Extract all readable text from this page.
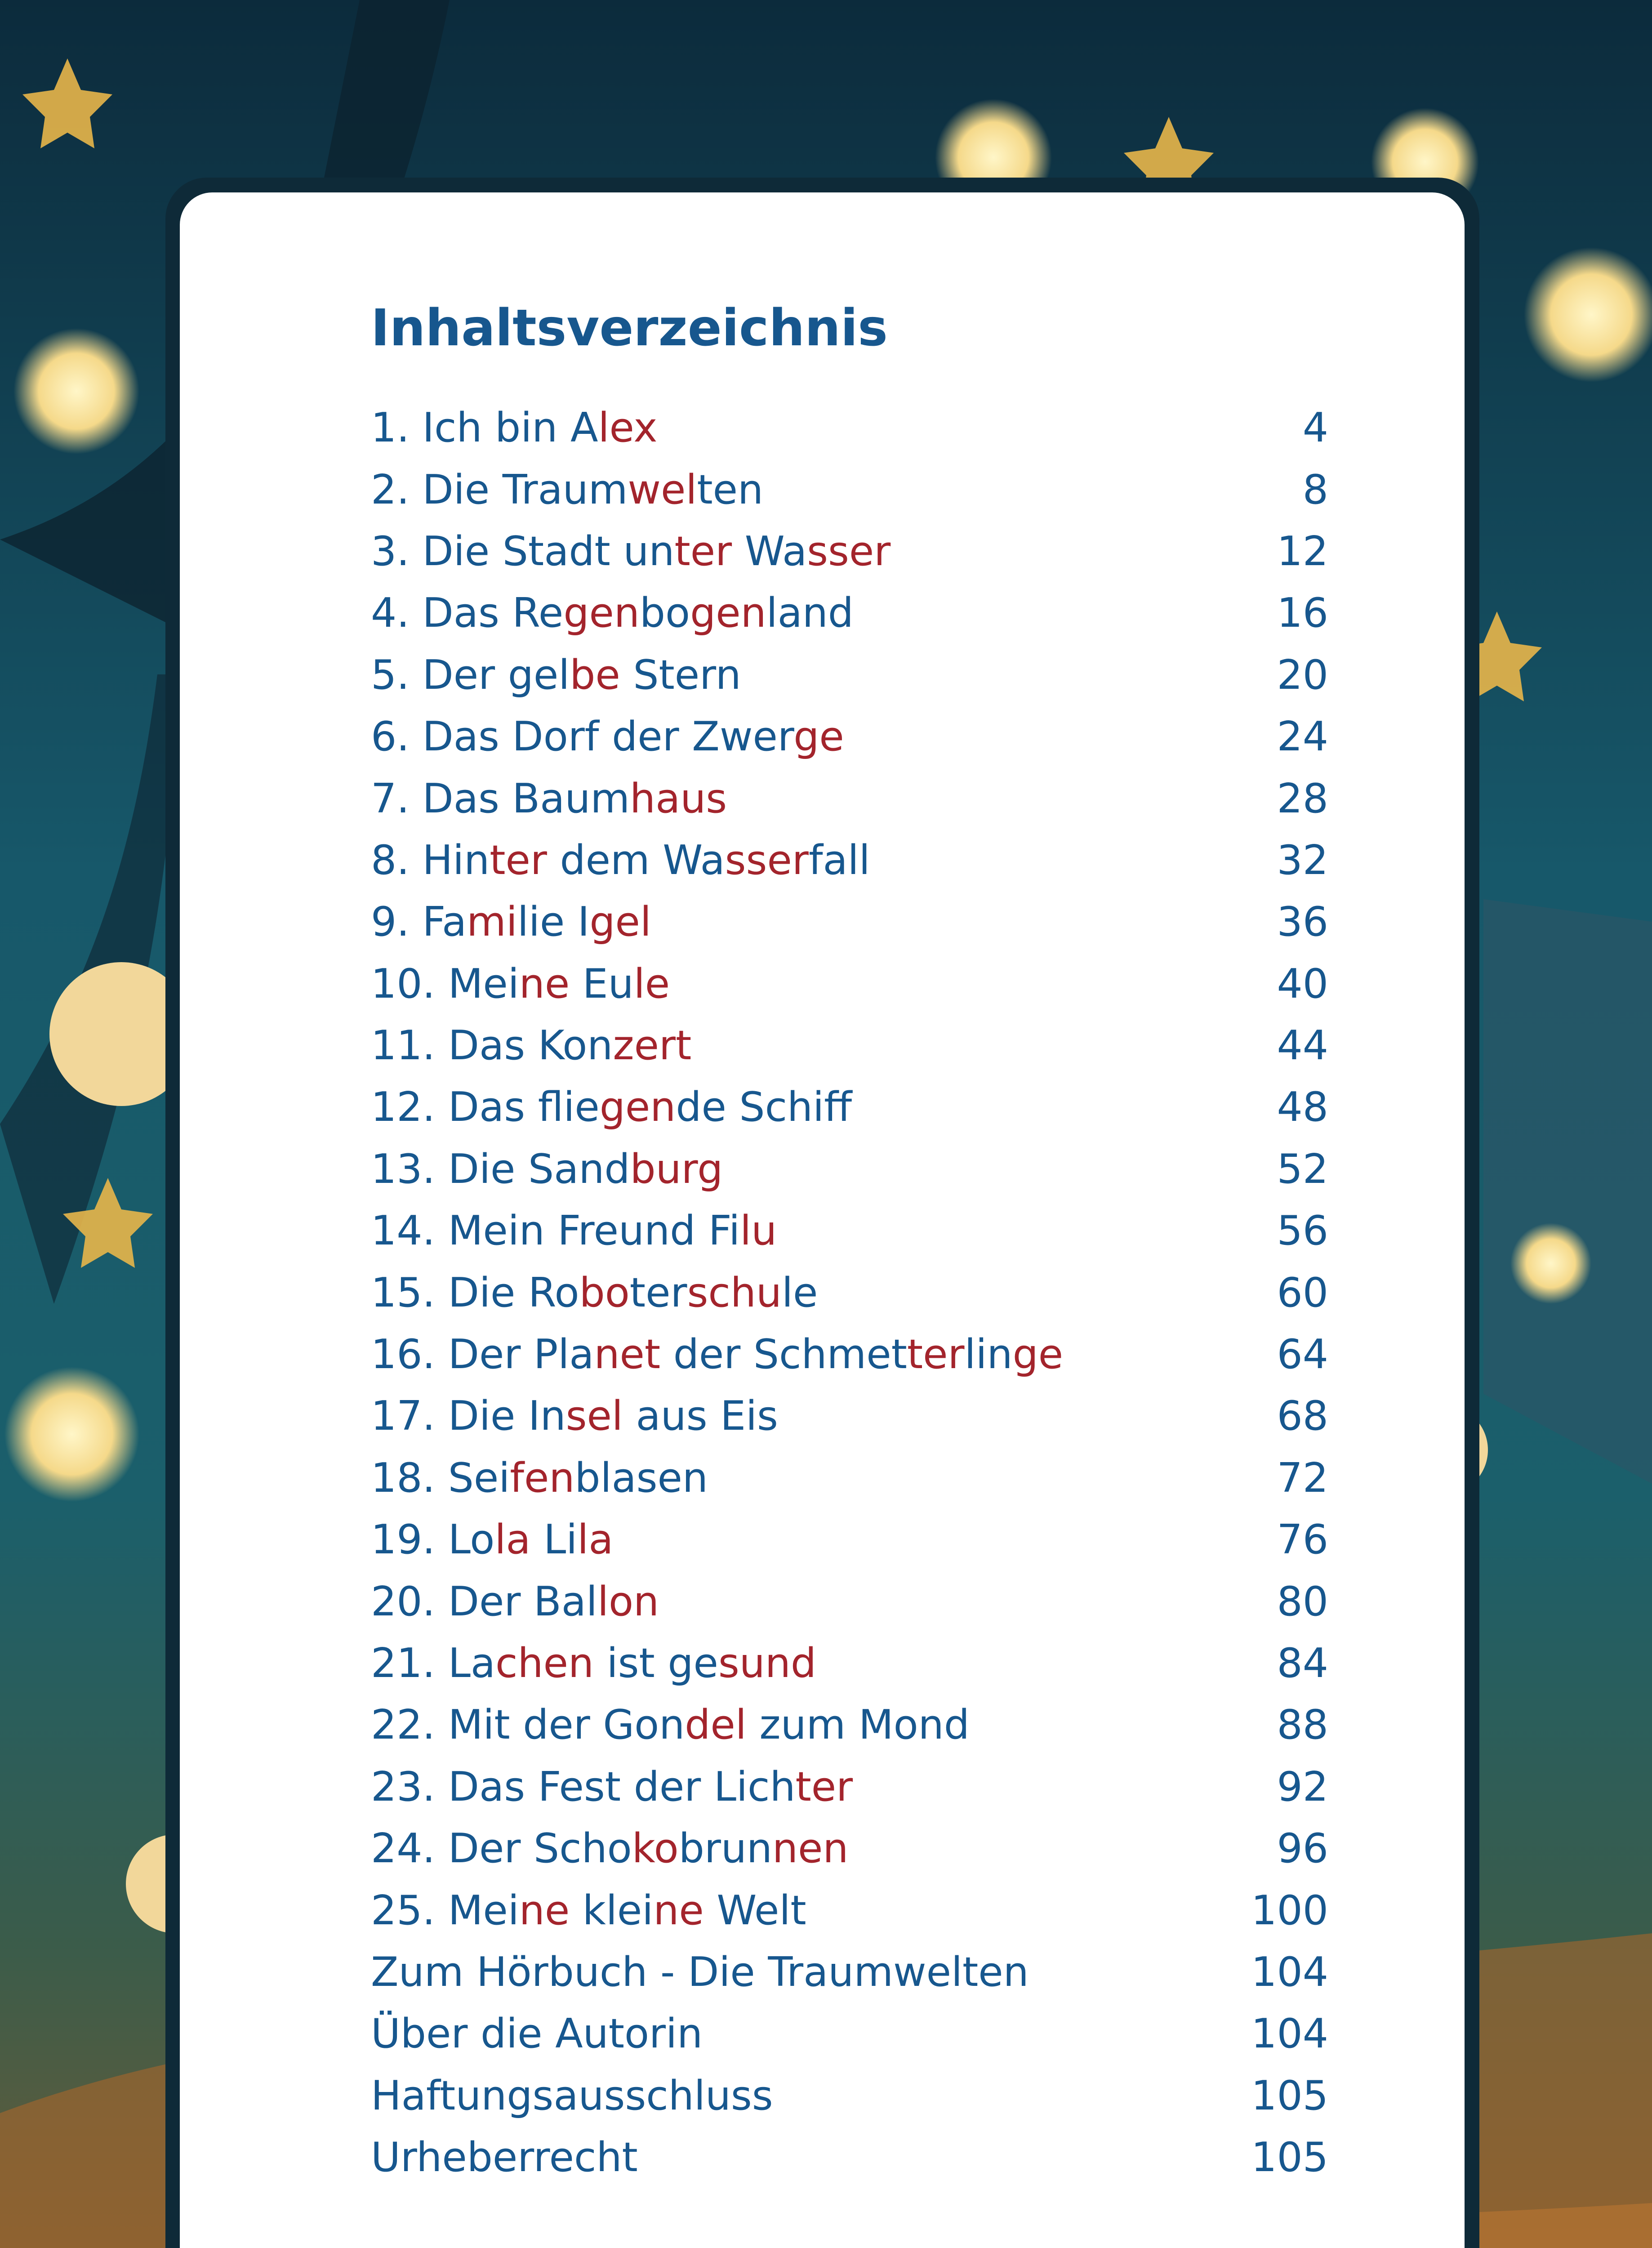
Inhaltsverzeichnis
1. Ich bin Alex	4
2. Die Traumwelten	8
3. Die Stadt unter Wasser	12
4. Das Regenbogenland	16
5. Der gelbe Stern	20
6. Das Dorf der Zwerge	24
7. Das Baumhaus	28
8. Hinter dem Wasserfall	32
9. Familie Igel	36
10. Meine Eule	40
11. Das Konzert	44
12. Das fliegende Schiff	48
13. Die Sandburg	52
14. Mein Freund Filu	56
15. Die Roboterschule	60
16. Der Planet der Schmetterlinge	64
17. Die Insel aus Eis	68
18. Seifenblasen	72
19. Lola Lila	76
20. Der Ballon	80
21. Lachen ist gesund	84
22. Mit der Gondel zum Mond	88
23. Das Fest der Lichter	92
24. Der Schokobrunnen	96
25. Meine kleine Welt	100
Zum Hörbuch - Die Traumwelten	104
Über die Autorin	104
Haftungsausschluss	105
Urheberrecht	105
